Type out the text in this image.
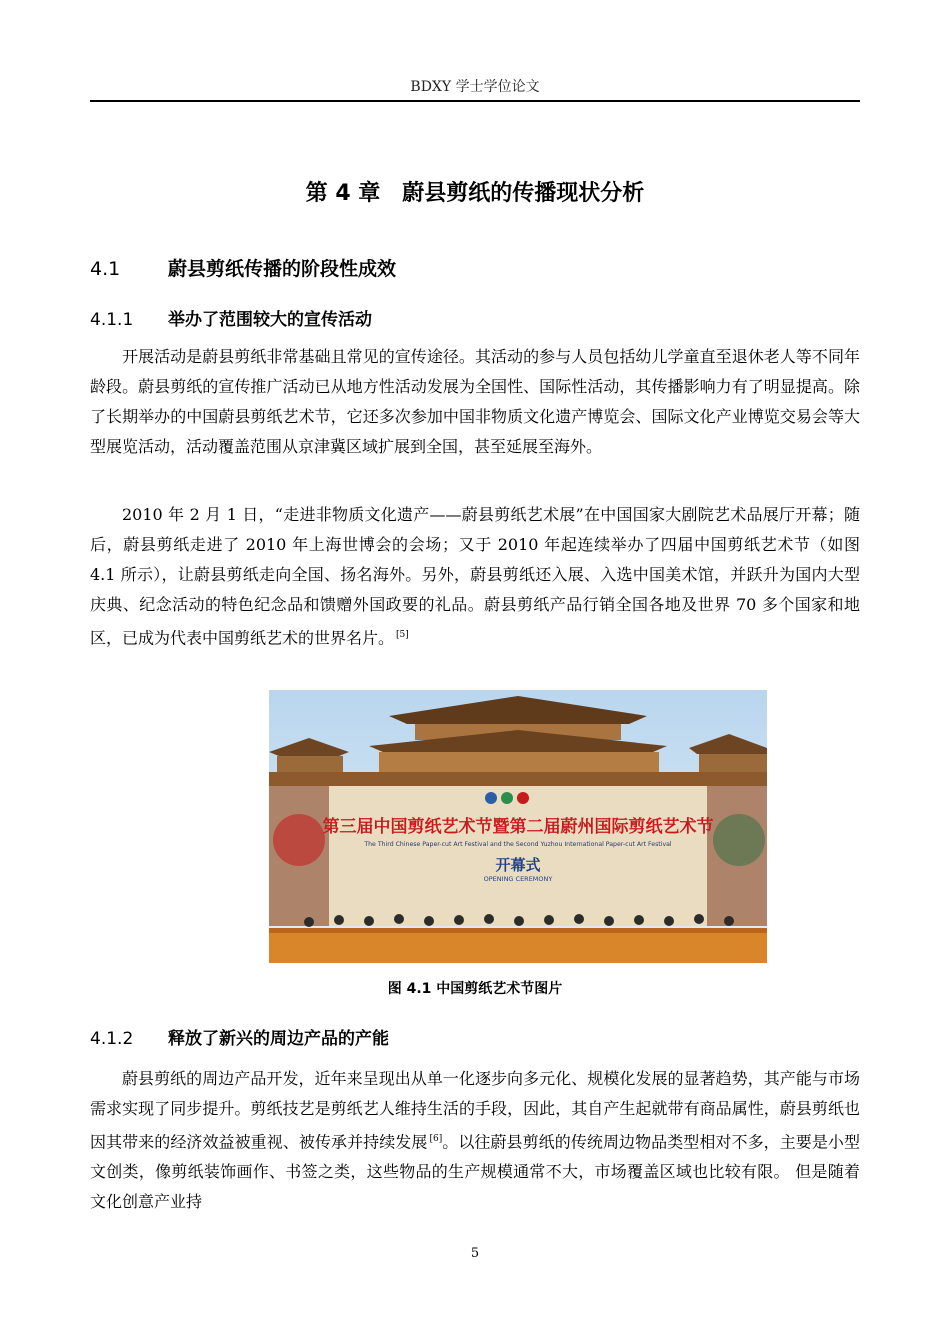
BDXY 学士学位论文
第 4 章　蔚县剪纸的传播现状分析
4.1	蔚县剪纸传播的阶段性成效
4.1.1 举办了范围较大的宣传活动

开展活动是蔚县剪纸非常基础且常见的宣传途径。其活动的参与人员包括幼儿学童直至退休老人等不同年龄段。蔚县剪纸的宣传推广活动已从地方性活动发展为全国性、国际性活动，其传播影响力有了明显提高。除了长期举办的中国蔚县剪纸艺术节，它还多次参加中国非物质文化遗产博览会、国际文化产业博览交易会等大型展览活动，活动覆盖范围从京津冀区域扩展到全国，甚至延展至海外。

2010 年 2 月 1 日，“走进非物质文化遗产——蔚县剪纸艺术展”在中国国家大剧院艺术品展厅开幕；随后，蔚县剪纸走进了 2010 年上海世博会的会场；又于 2010 年起连续举办了四届中国剪纸艺术节（如图 4.1 所示），让蔚县剪纸走向全国、扬名海外。另外，蔚县剪纸还入展、入选中国美术馆，并跃升为国内大型庆典、纪念活动的特色纪念品和馈赠外国政要的礼品。蔚县剪纸产品行销全国各地及世界 70 多个国家和地区，已成为代表中国剪纸艺术的世界名片。 [5]

第三届中国剪纸艺术节暨第二届蔚州国际剪纸艺术节
The Third Chinese Paper-cut Art Festival and the Second Yuzhou International Paper-cut Art Festival
开幕式
OPENING CEREMONY
图 4.1 中国剪纸艺术节图片
4.1.2 释放了新兴的周边产品的产能

蔚县剪纸的周边产品开发，近年来呈现出从单一化逐步向多元化、规模化发展的显著趋势，其产能与市场需求实现了同步提升。剪纸技艺是剪纸艺人维持生活的手段，因此，其自产生起就带有商品属性，蔚县剪纸也因其带来的经济效益被重视、被传承并持续发展 [6]。以往蔚县剪纸的传统周边物品类型相对不多，主要是小型文创类，像剪纸装饰画作、书签之类，这些物品的生产规模通常不大，市场覆盖区域也比较有限。 但是随着文化创意产业持

5
